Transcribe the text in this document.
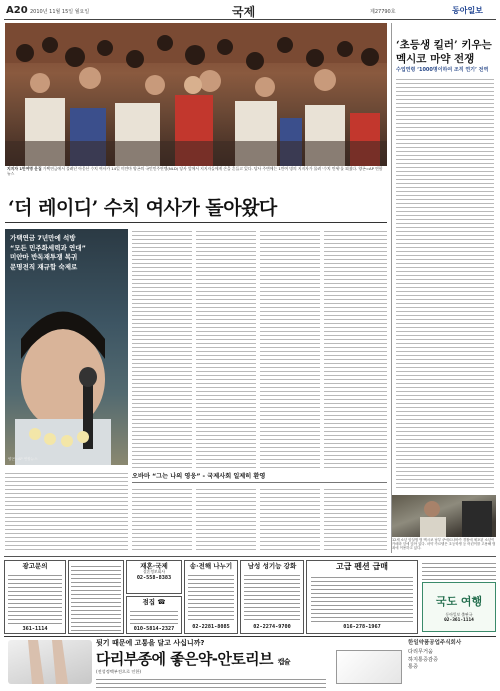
A20 2010년 11월 15일 월요일	국제	제27790호	동아일보
지지자 1만여명 운집 가택연금에서 풀려난 아웅산 수치 여사가 14일 미얀마 양곤의 국민민주연맹(NLD) 당사 앞에서 지지자들에게 손을 흔들고 있다. 당사 주변에는 1만여 명의 지지자가 몰려 '수치 만세'를 외쳤다. 양곤=AP 연합뉴스
‘더 레이디’ 수치 여사가 돌아왔다
가택연금 7년만에 석방
“모든 민주화세력과 연대”
미얀마 반독재투쟁 복귀
문명전직 재규합 숙제로
양곤=AP 연합뉴스
오바마 “그는 나의 영웅” - 국제사회 일제히 환영
‘초등생 킬러’ 키우는
멕시코 마약 전쟁
수업연령 ‘1000명이하여 조직 연기’ 전역
12세 소년 암살범 범 멕시코 남부 쿠에르나바카 경찰에 체포된 소년이 카메라 앞에 앉아 있다. 마약 카르텔은 초등학생 등 어린이를 고용해 범죄에 이용하고 있다.
광고문의
361-1114
재혼·국제
결혼정보회사
02-558-8383
점집 ☎
010-5814-2327
송·전해 나누기
02-2281-8085
남성 성기능 강화
02-2274-9700
고급 펜션 급매
016-278-1967
국도 여행
동아일보 출판국
02-361-1114
뒷기 때문에 고통을 달고 사십니까?
다리부종에 좋은약-안토리브 캡슐
(전성정맥부전으로 인한)
한일약품공업주식회사
다리무거움
하지통증감증
통증
